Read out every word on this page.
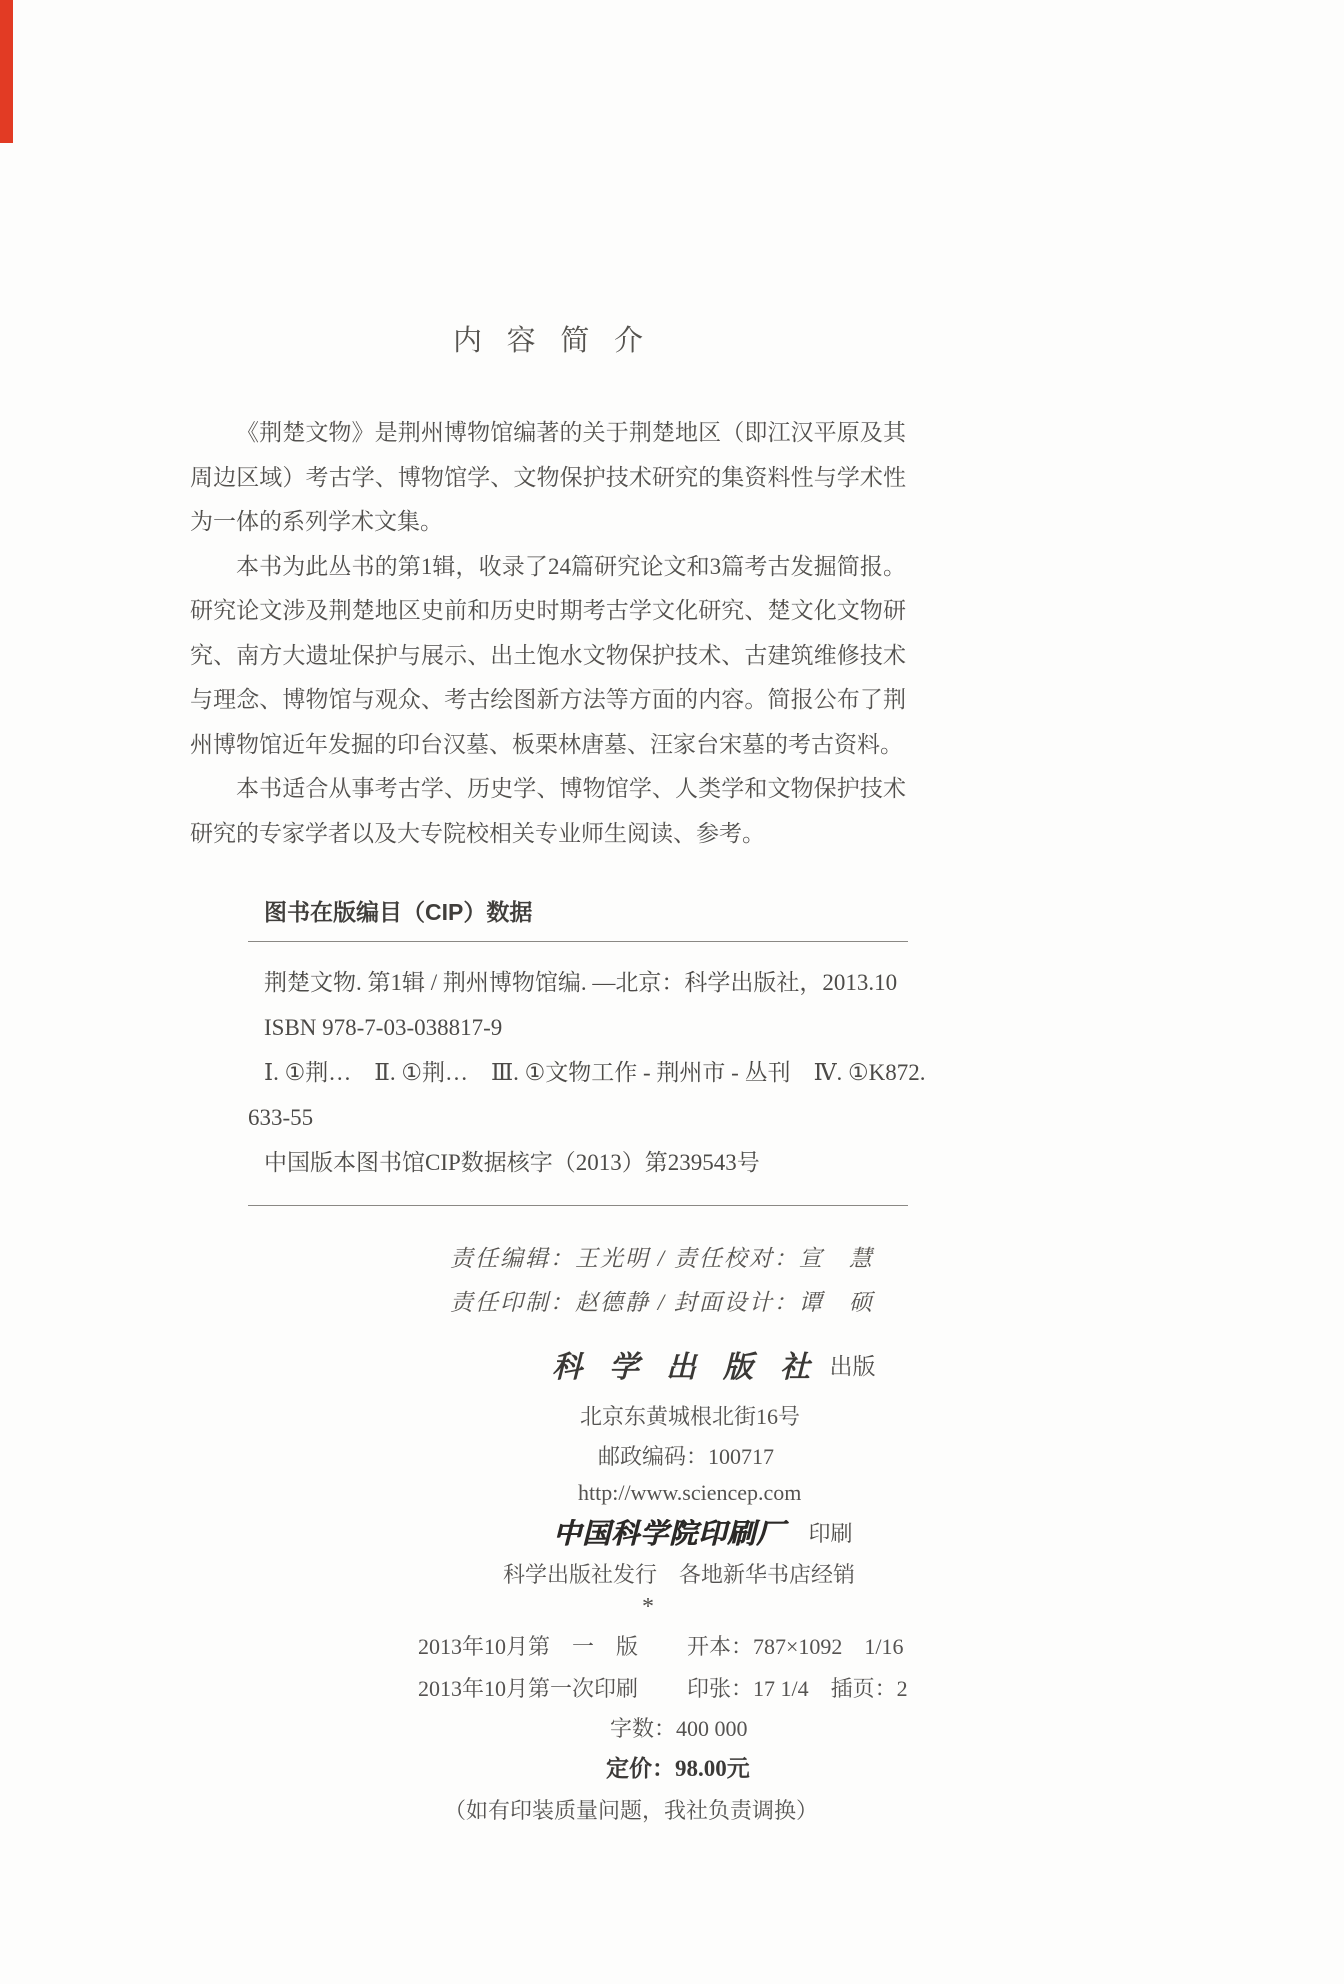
内容简介

《荆楚文物》是荆州博物馆编著的关于荆楚地区（即江汉平原及其周边区域）考古学、博物馆学、文物保护技术研究的集资料性与学术性为一体的系列学术文集。

本书为此丛书的第1辑，收录了24篇研究论文和3篇考古发掘简报。研究论文涉及荆楚地区史前和历史时期考古学文化研究、楚文化文物研究、南方大遗址保护与展示、出土饱水文物保护技术、古建筑维修技术与理念、博物馆与观众、考古绘图新方法等方面的内容。简报公布了荆州博物馆近年发掘的印台汉墓、板栗林唐墓、汪家台宋墓的考古资料。

本书适合从事考古学、历史学、博物馆学、人类学和文物保护技术研究的专家学者以及大专院校相关专业师生阅读、参考。

图书在版编目（CIP）数据
荆楚文物. 第1辑 / 荆州博物馆编. —北京：科学出版社，2013.10
ISBN 978-7-03-038817-9
Ⅰ. ①荆…　Ⅱ. ①荆…　Ⅲ. ①文物工作 - 荆州市 - 丛刊　Ⅳ. ①K872.
633-55
中国版本图书馆CIP数据核字（2013）第239543号
责任编辑：王光明 / 责任校对：宣　慧
责任印制：赵德静 / 封面设计：谭　硕
科学出版社 出版
北京东黄城根北街16号
邮政编码：100717
http://www.sciencep.com
中国科学院印刷厂 印刷
科学出版社发行　各地新华书店经销
*
2013年10月第　一　版 开本：787×1092　1/16
2013年10月第一次印刷 印张：17 1/4　插页：2
字数：400 000
定价：98.00元
（如有印装质量问题，我社负责调换）
